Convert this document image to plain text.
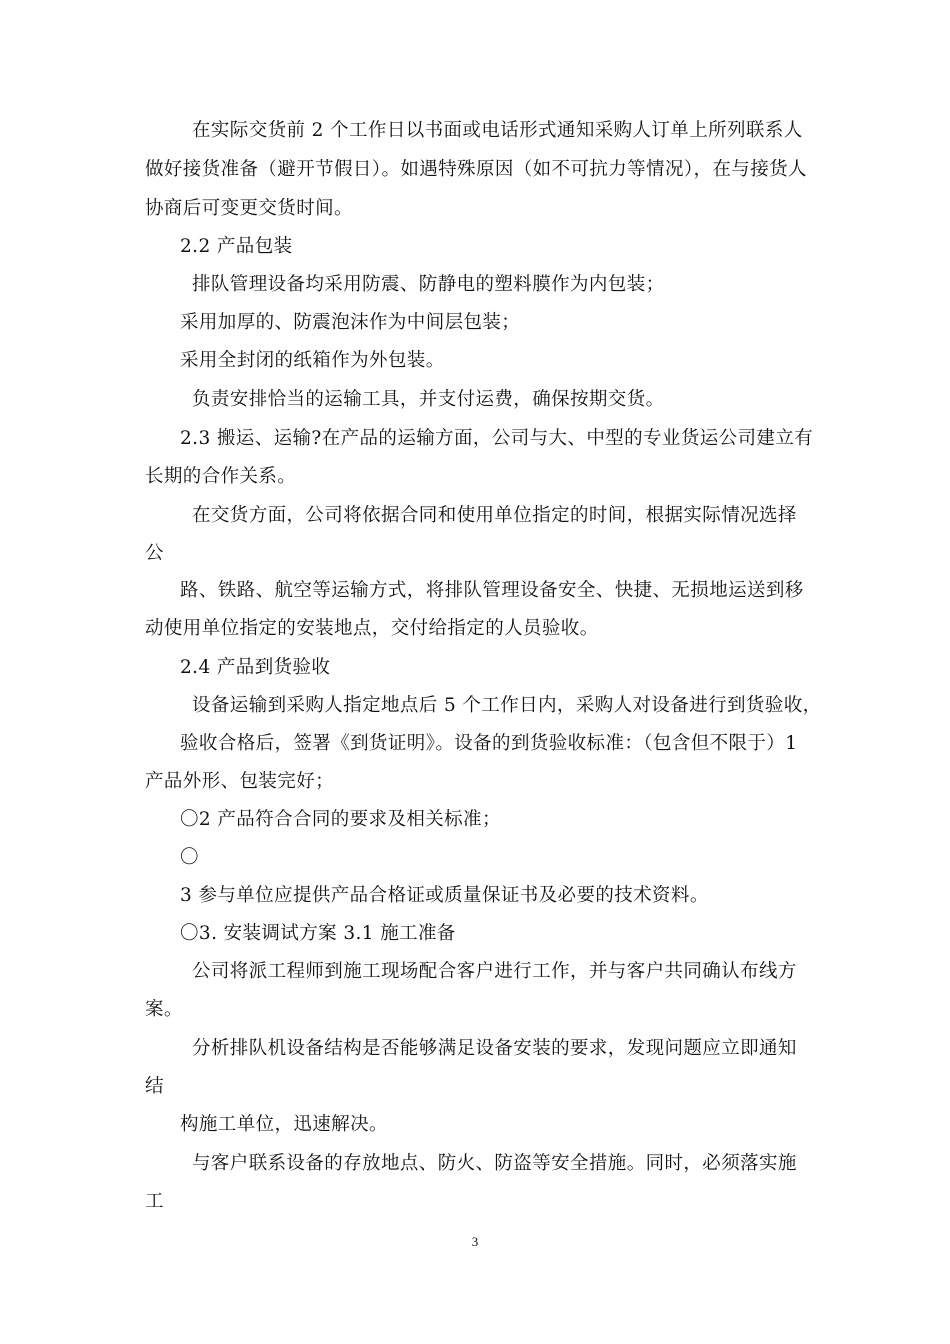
在实际交货前 2 个工作日以书面或电话形式通知采购人订单上所列联系人
做好接货准备（避开节假日）。如遇特殊原因（如不可抗力等情况），在与接货人
协商后可变更交货时间。
2.2 产品包装
排队管理设备均采用防震、防静电的塑料膜作为内包装；
采用加厚的、防震泡沫作为中间层包装；
采用全封闭的纸箱作为外包装。
负责安排恰当的运输工具，并支付运费，确保按期交货。
2.3 搬运、运输?在产品的运输方面，公司与大、中型的专业货运公司建立有
长期的合作关系。
在交货方面，公司将依据合同和使用单位指定的时间，根据实际情况选择
公
路、铁路、航空等运输方式，将排队管理设备安全、快捷、无损地运送到移
动使用单位指定的安装地点，交付给指定的人员验收。
2.4 产品到货验收
设备运输到采购人指定地点后 5 个工作日内，采购人对设备进行到货验收，
验收合格后，签署《到货证明》。设备的到货验收标准：（包含但不限于）1
产品外形、包装完好；
〇2 产品符合合同的要求及相关标准；
〇
3 参与单位应提供产品合格证或质量保证书及必要的技术资料。
〇3. 安装调试方案 3.1 施工准备
公司将派工程师到施工现场配合客户进行工作，并与客户共同确认布线方
案。
分析排队机设备结构是否能够满足设备安装的要求，发现问题应立即通知
结
构施工单位，迅速解决。
与客户联系设备的存放地点、防火、防盗等安全措施。同时，必须落实施
工
3
